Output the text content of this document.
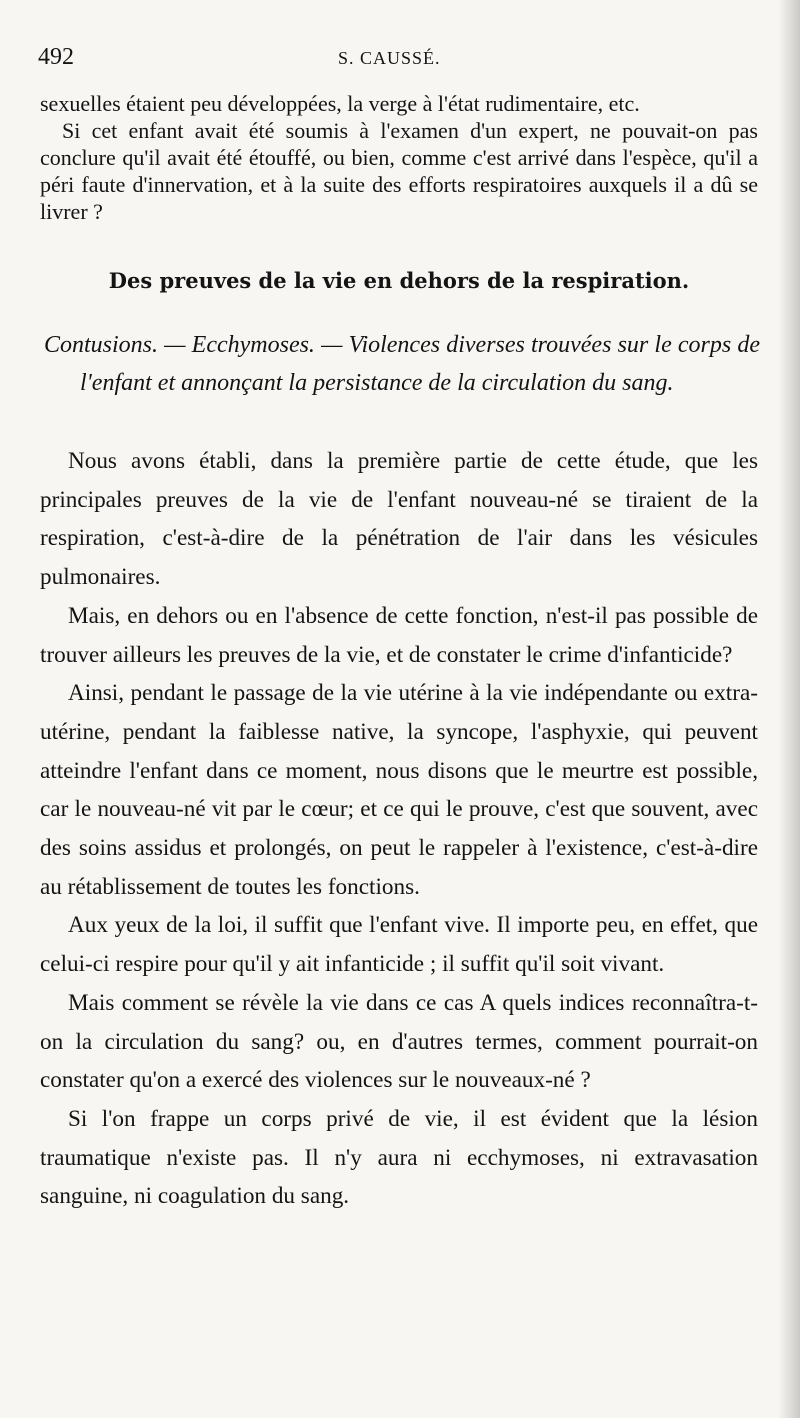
492	S. CAUSSÉ.

sexuelles étaient peu développées, la verge à l'état rudimentaire, etc.

Si cet enfant avait été soumis à l'examen d'un expert, ne pouvait-on pas conclure qu'il avait été étouffé, ou bien, comme c'est arrivé dans l'espèce, qu'il a péri faute d'innervation, et à la suite des efforts respiratoires auxquels il a dû se livrer ?

Des preuves de la vie en dehors de la respiration.
Contusions. — Ecchymoses. — Violences diverses trouvées sur le corps de l'enfant et annonçant la persistance de la circulation du sang.

Nous avons établi, dans la première partie de cette étude, que les principales preuves de la vie de l'enfant nouveau-né se tiraient de la respiration, c'est-à-dire de la pénétration de l'air dans les vésicules pulmonaires.

Mais, en dehors ou en l'absence de cette fonction, n'est-il pas possible de trouver ailleurs les preuves de la vie, et de constater le crime d'infanticide?

Ainsi, pendant le passage de la vie utérine à la vie indépendante ou extra-utérine, pendant la faiblesse native, la syncope, l'asphyxie, qui peuvent atteindre l'enfant dans ce moment, nous disons que le meurtre est possible, car le nouveau-né vit par le cœur; et ce qui le prouve, c'est que souvent, avec des soins assidus et prolongés, on peut le rappeler à l'existence, c'est-à-dire au rétablissement de toutes les fonctions.

Aux yeux de la loi, il suffit que l'enfant vive. Il importe peu, en effet, que celui-ci respire pour qu'il y ait infanticide ; il suffit qu'il soit vivant.

Mais comment se révèle la vie dans ce cas A quels indices reconnaîtra-t-on la circulation du sang? ou, en d'autres termes, comment pourrait-on constater qu'on a exercé des violences sur le nouveaux-né ?

Si l'on frappe un corps privé de vie, il est évident que la lésion traumatique n'existe pas. Il n'y aura ni ecchymoses, ni extravasation sanguine, ni coagulation du sang.
